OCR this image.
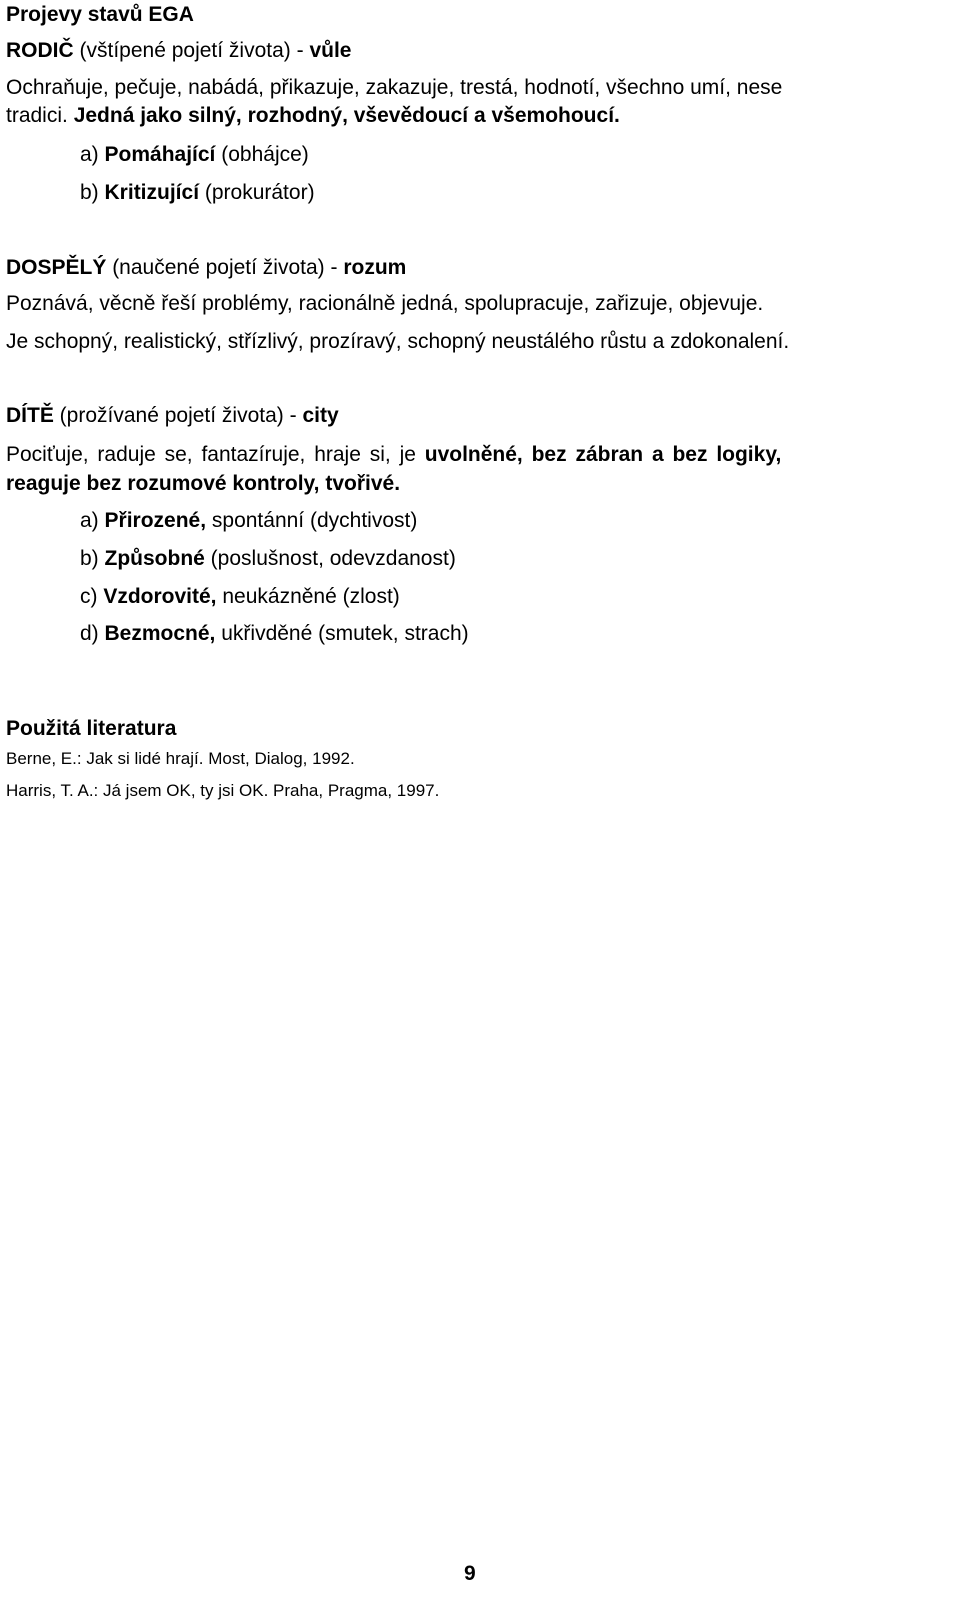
Projevy stavů EGA
RODIČ (vštípené pojetí života) - vůle
Ochraňuje, pečuje, nabádá, přikazuje, zakazuje, trestá, hodnotí, všechno umí, nese
tradici. Jedná jako silný, rozhodný, vševědoucí a všemohoucí.
a) Pomáhající (obhájce)
b) Kritizující (prokurátor)
DOSPĚLÝ (naučené pojetí života) - rozum
Poznává, věcně řeší problémy, racionálně jedná, spolupracuje, zařizuje, objevuje.
Je schopný, realistický, střízlivý, prozíravý, schopný neustálého růstu a zdokonalení.
DÍTĚ (prožívané pojetí života) - city
Pociťuje, raduje se, fantazíruje, hraje si, je uvolněné, bez zábran a bez logiky,
reaguje bez rozumové kontroly, tvořivé.
a) Přirozené, spontánní (dychtivost)
b) Způsobné (poslušnost, odevzdanost)
c) Vzdorovité, neukázněné (zlost)
d) Bezmocné, ukřivděné (smutek, strach)
Použitá literatura
Berne, E.: Jak si lidé hrají. Most, Dialog, 1992.
Harris, T. A.: Já jsem OK, ty jsi OK. Praha, Pragma, 1997.
9
